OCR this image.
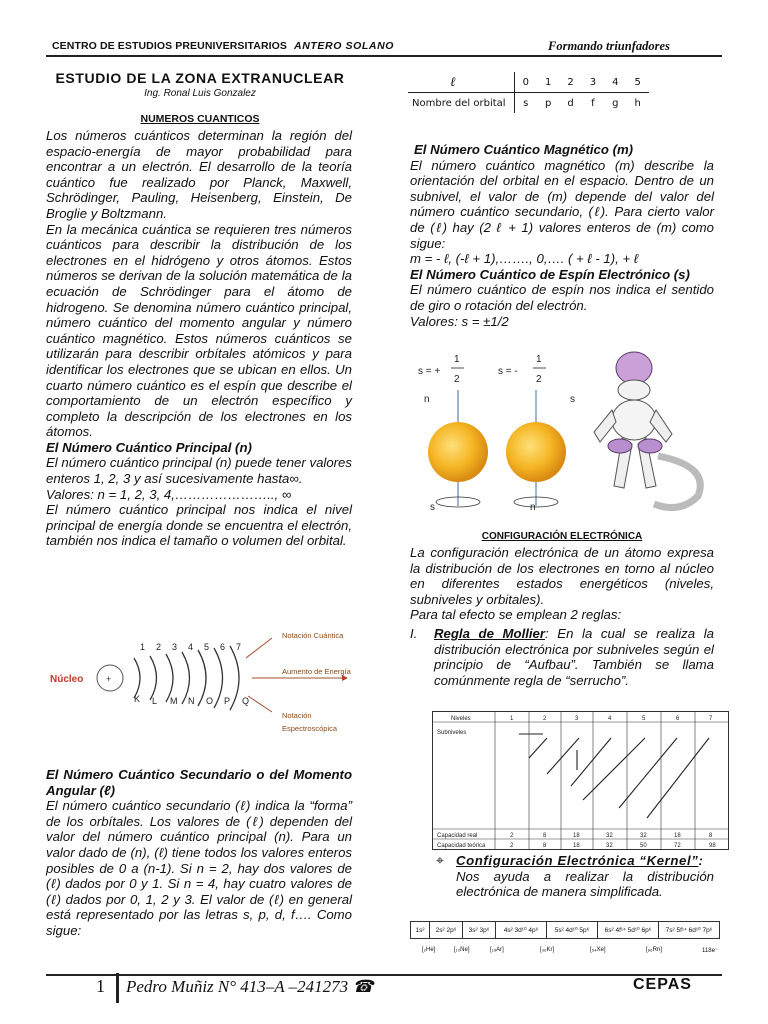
CENTRO DE ESTUDIOS PREUNIVERSITARIOS ANTERO SOLANO	Formando triunfadores
ESTUDIO DE LA ZONA EXTRANUCLEAR
Ing. Ronal Luis Gonzalez
NUMEROS CUANTICOS

Los números cuánticos determinan la región del espacio-energía de mayor probabilidad para encontrar a un electrón. El desarrollo de la teoría cuántico fue realizado por Planck, Maxwell, Schrödinger, Pauling, Heisenberg, Einstein, De Broglie y Boltzmann.

En la mecánica cuántica se requieren tres números cuánticos para describir la distribución de los electrones en el hidrógeno y otros átomos. Estos números se derivan de la solución matemática de la ecuación de Schrödinger para el átomo de hidrogeno. Se denomina número cuántico principal, número cuántico del momento angular y número cuántico magnético. Estos números cuánticos se utilizarán para describir orbítales atómicos y para identificar los electrones que se ubican en ellos. Un cuarto número cuántico es el espín que describe el comportamiento de un electrón específico y completo la descripción de los electrones en los átomos.

El Número Cuántico Principal (n)

El número cuántico principal (n) puede tener valores enteros 1, 2, 3 y así sucesivamente hasta∞.

Valores: n = 1, 2, 3, 4,………………….., ∞

El número cuántico principal nos indica el nivel principal de energía donde se encuentra el electrón, también nos indica el tamaño o volumen del orbital.

Núcleo	+
1 2 3 4 5 6 7
K L M N O P Q
Notación Cuántica
Aumento de Energía
Notación
Espectroscópica

El Número Cuántico Secundario o del Momento Angular (ℓ)

El número cuántico secundario (ℓ) indica la “forma” de los orbítales. Los valores de (ℓ) dependen del valor del número cuántico principal (n). Para un valor dado de (n), (ℓ) tiene todos los valores enteros posibles de 0 a (n-1). Si n = 2, hay dos valores de (ℓ) dados por 0 y 1. Si n = 4, hay cuatro valores de (ℓ) dados por 0, 1, 2 y 3. El valor de (ℓ) en general está representado por las letras s, p, d, f…. Como sigue:

ℓ	0	1	2	3	4	5
Nombre del orbital	s	p	d	f	g	h

El Número Cuántico Magnético (m)

El número cuántico magnético (m) describe la orientación del orbital en el espacio. Dentro de un subnivel, el valor de (m) depende del valor del número cuántico secundario, (ℓ). Para cierto valor de (ℓ) hay (2 ℓ + 1) valores enteros de (m) como sigue:

m = - ℓ, (-ℓ + 1),……., 0,…. ( + ℓ - 1), + ℓ

El Número Cuántico de Espín Electrónico (s)

El número cuántico de espín nos indica el sentido de giro o rotación del electrón.

Valores: s = ±1/2

s = +
1
2
s = -
1
2
n
s	n
s
CONFIGURACIÓN ELECTRÓNICA

La configuración electrónica de un átomo expresa la distribución de los electrones en torno al núcleo en diferentes estados energéticos (niveles, subniveles y orbitales).

Para tal efecto se emplean 2 reglas:

I. Regla de Mollier: En la cual se realiza la distribución electrónica por subniveles según el principio de “Aufbau”. También se llama comúnmente regla de “serrucho”.
Niveles
Subniveles
1	2	3	4	5	6	7
Capacidad real	2	8	18	32	32	18	8
Capacidad teórica	2	8	18	32	50	72	98
⌖ Configuración Electrónica “Kernel”:

Nos ayuda a realizar la distribución electrónica de manera simplificada.

1s²	2s² 2p⁶	3s² 3p⁶	4s² 3d¹⁰ 4p⁶	5s² 4d¹⁰ 5p⁶	6s² 4f¹⁴ 5d¹⁰ 6p⁶	7s² 5f¹⁴ 6d¹⁰ 7p⁶
[₂He]	[₁₀Ne]	[₁₈Ar]	[₃₆Kr]	[₅₄Xe]	[₈₆Rn]	118e⁻
1 Pedro Muñiz N° 413–A –241273 ☎	CEPAS
